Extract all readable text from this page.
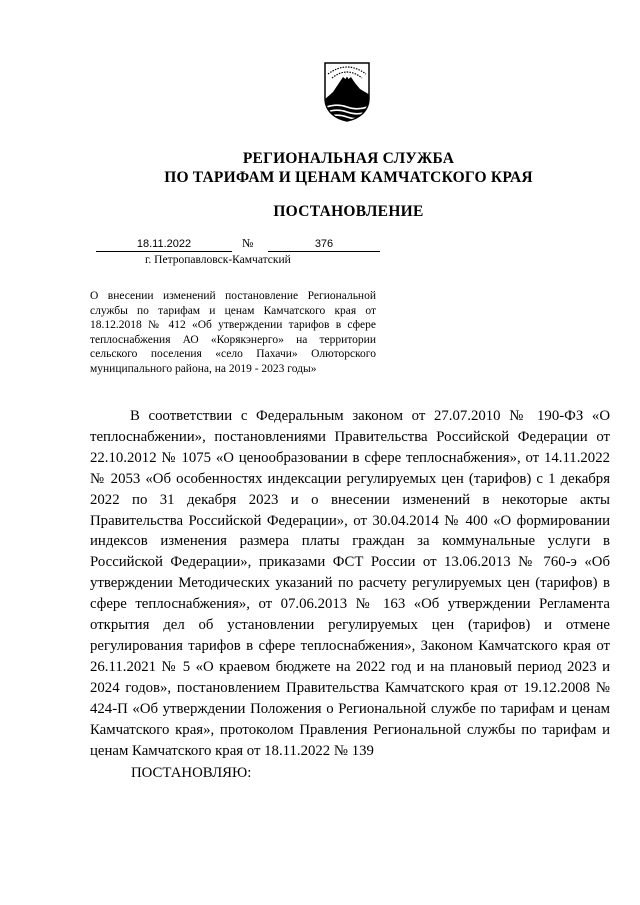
РЕГИОНАЛЬНАЯ СЛУЖБА
ПО ТАРИФАМ И ЦЕНАМ КАМЧАТСКОГО КРАЯ
ПОСТАНОВЛЕНИЕ
18.11.2022	№	376
г. Петропавловск-Камчатский
О внесении изменений постановление Региональной службы по тарифам и ценам Камчатского края от 18.12.2018 № 412 «Об утверждении тарифов в сфере теплоснабжения АО «Корякэнерго» на территории сельского поселения «село Пахачи» Олюторского муниципального района, на 2019 - 2023 годы»

В соответствии с Федеральным законом от 27.07.2010 № 190-ФЗ «О теплоснабжении», постановлениями Правительства Российской Федерации от 22.10.2012 № 1075 «О ценообразовании в сфере теплоснабжения», от 14.11.2022 № 2053 «Об особенностях индексации регулируемых цен (тарифов) с 1 декабря 2022 по 31 декабря 2023 и о внесении изменений в некоторые акты Правительства Российской Федерации», от 30.04.2014 № 400 «О формировании индексов изменения размера платы граждан за коммунальные услуги в Российской Федерации», приказами ФСТ России от 13.06.2013 № 760-э «Об утверждении Методических указаний по расчету регулируемых цен (тарифов) в сфере теплоснабжения», от 07.06.2013 № 163 «Об утверждении Регламента открытия дел об установлении регулируемых цен (тарифов) и отмене регулирования тарифов в сфере теплоснабжения», Законом Камчатского края от 26.11.2021 № 5 «О краевом бюджете на 2022 год и на плановый период 2023 и 2024 годов», постановлением Правительства Камчатского края от 19.12.2008 № 424-П «Об утверждении Положения о Региональной службе по тарифам и ценам Камчатского края», протоколом Правления Региональной службы по тарифам и ценам Камчатского края от 18.11.2022 № 139

ПОСТАНОВЛЯЮ:
